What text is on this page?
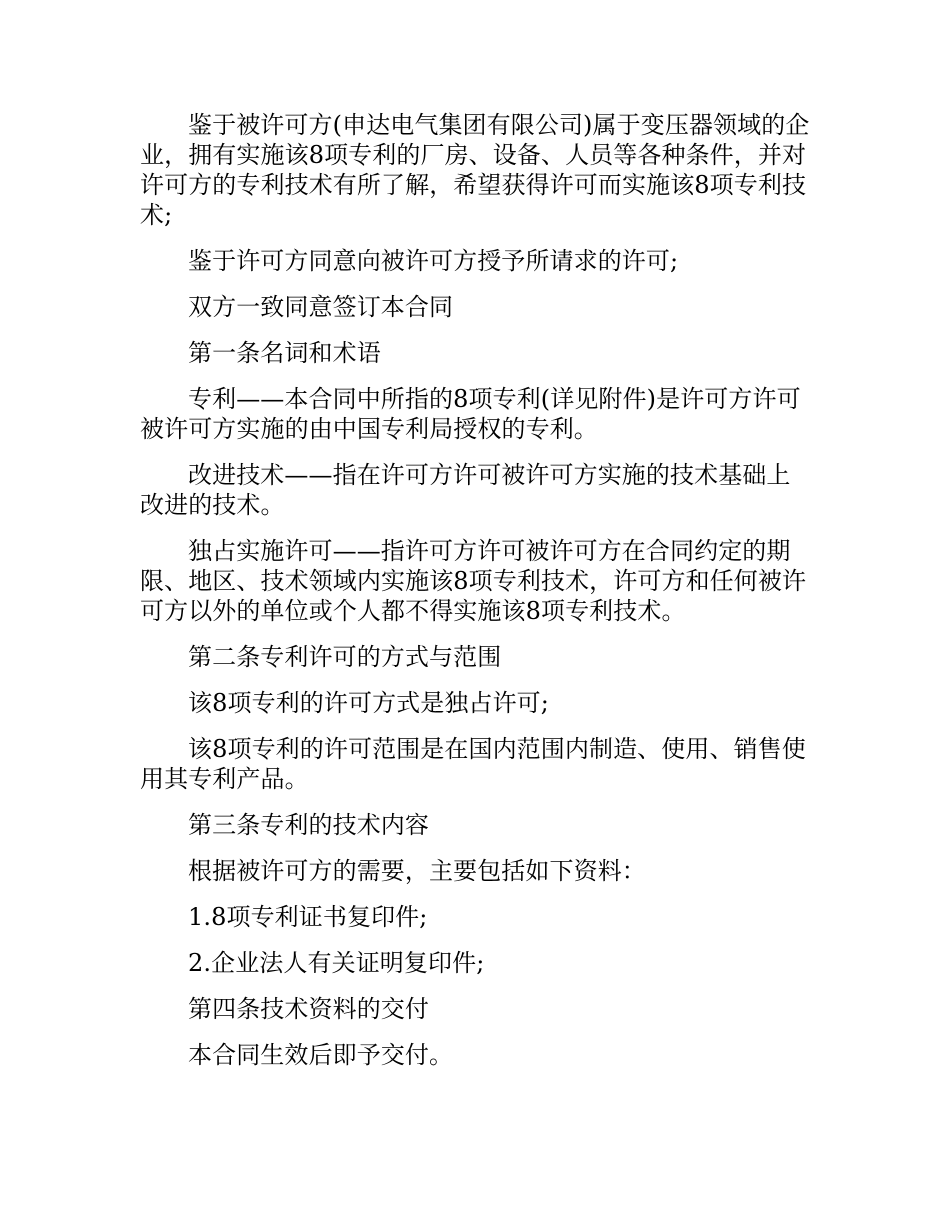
鉴于被许可方(申达电气集团有限公司)属于变压器领域的企业，拥有实施该8项专利的厂房、设备、人员等各种条件，并对许可方的专利技术有所了解，希望获得许可而实施该8项专利技术;

鉴于许可方同意向被许可方授予所请求的许可;

双方一致同意签订本合同

第一条名词和术语

专利——本合同中所指的8项专利(详见附件)是许可方许可被许可方实施的由中国专利局授权的专利。

改进技术——指在许可方许可被许可方实施的技术基础上改进的技术。

独占实施许可——指许可方许可被许可方在合同约定的期限、地区、技术领域内实施该8项专利技术，许可方和任何被许可方以外的单位或个人都不得实施该8项专利技术。

第二条专利许可的方式与范围

该8项专利的许可方式是独占许可;

该8项专利的许可范围是在国内范围内制造、使用、销售使用其专利产品。

第三条专利的技术内容

根据被许可方的需要，主要包括如下资料：

1.8项专利证书复印件;

2.企业法人有关证明复印件;

第四条技术资料的交付

本合同生效后即予交付。
